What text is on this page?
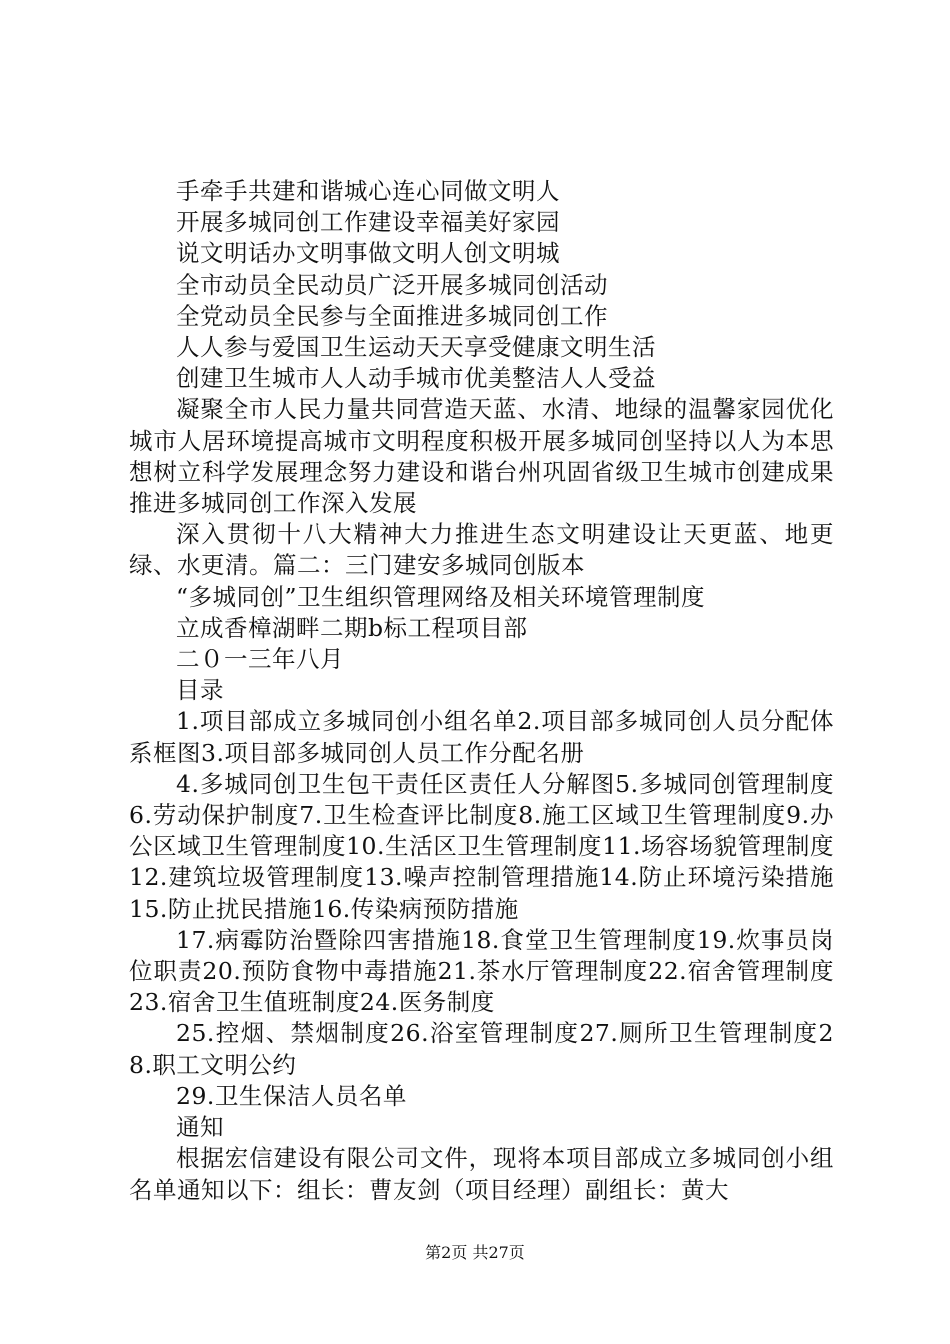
手牵手共建和谐城心连心同做文明人

开展多城同创工作建设幸福美好家园

说文明话办文明事做文明人创文明城

全市动员全民动员广泛开展多城同创活动

全党动员全民参与全面推进多城同创工作

人人参与爱国卫生运动天天享受健康文明生活

创建卫生城市人人动手城市优美整洁人人受益

凝聚全市人民力量共同营造天蓝、水清、地绿的温馨家园优化城市人居环境提高城市文明程度积极开展多城同创坚持以人为本思想树立科学发展理念努力建设和谐台州巩固省级卫生城市创建成果推进多城同创工作深入发展

深入贯彻十八大精神大力推进生态文明建设让天更蓝、地更绿、水更清。篇二：三门建安多城同创版本

“多城同创”卫生组织管理网络及相关环境管理制度

立成香樟湖畔二期b标工程项目部

二０一三年八月

目录

1.项目部成立多城同创小组名单2.项目部多城同创人员分配体系框图3.项目部多城同创人员工作分配名册

4.多城同创卫生包干责任区责任人分解图5.多城同创管理制度6.劳动保护制度7.卫生检查评比制度8.施工区域卫生管理制度9.办公区域卫生管理制度10.生活区卫生管理制度11.场容场貌管理制度12.建筑垃圾管理制度13.噪声控制管理措施14.防止环境污染措施15.防止扰民措施16.传染病预防措施

17.病霉防治暨除四害措施18.食堂卫生管理制度19.炊事员岗位职责20.预防食物中毒措施21.茶水厅管理制度22.宿舍管理制度23.宿舍卫生值班制度24.医务制度

25.控烟、禁烟制度26.浴室管理制度27.厕所卫生管理制度28.职工文明公约

29.卫生保洁人员名单

通知

根据宏信建设有限公司文件，现将本项目部成立多城同创小组名单通知以下：组长：曹友剑（项目经理）副组长：黄大

第2页 共27页
